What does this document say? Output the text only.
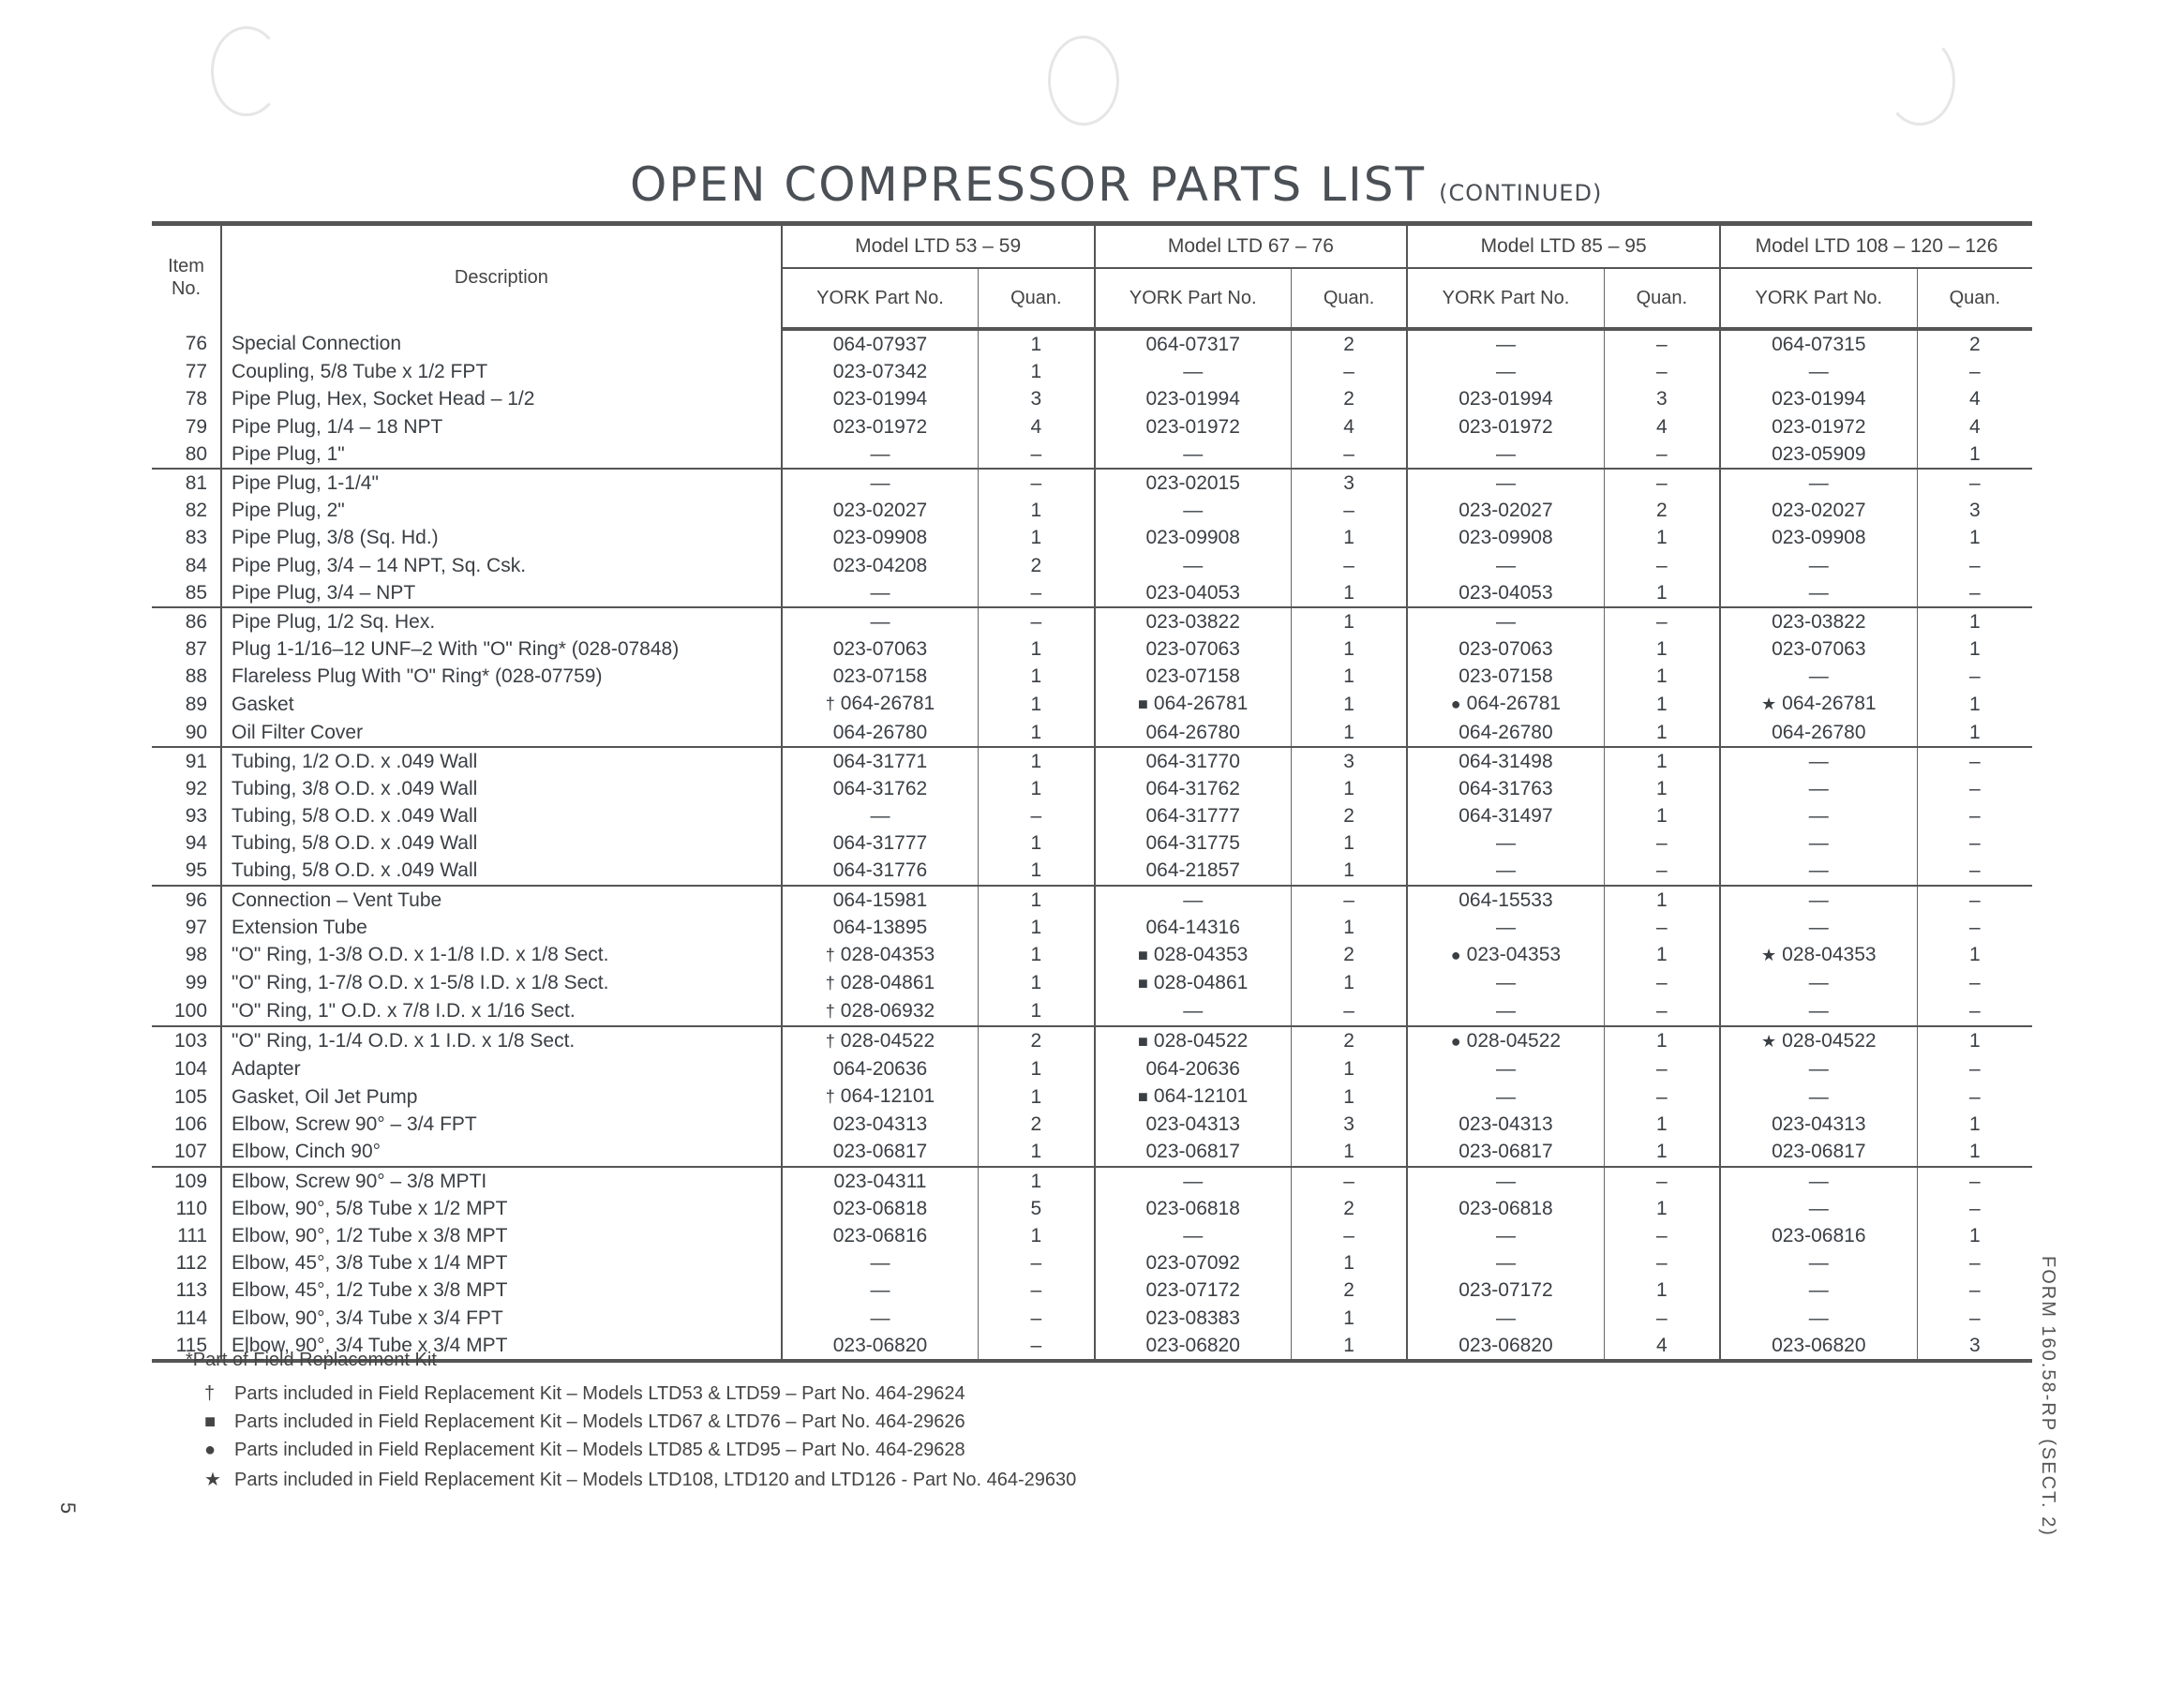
OPEN COMPRESSOR PARTS LIST (CONTINUED)
Item No.	Description	Model LTD 53 – 59		Model LTD 67 – 76		Model LTD 85 – 95		Model LTD 108 – 120 – 126	
		YORK Part No.	Quan.	YORK Part No.	Quan.	YORK Part No.	Quan.	YORK Part No.	Quan.
76	Special Connection	064-07937	1	064-07317	2	—	–	064-07315	2
77	Coupling, 5/8 Tube x 1/2 FPT	023-07342	1	—	–	—	–	—	–
78	Pipe Plug, Hex, Socket Head – 1/2	023-01994	3	023-01994	2	023-01994	3	023-01994	4
79	Pipe Plug, 1/4 – 18 NPT	023-01972	4	023-01972	4	023-01972	4	023-01972	4
80	Pipe Plug, 1"	—	–	—	–	—	–	023-05909	1
81	Pipe Plug, 1-1/4"	—	–	023-02015	3	—	–	—	–
82	Pipe Plug, 2"	023-02027	1	—	–	023-02027	2	023-02027	3
83	Pipe Plug, 3/8 (Sq. Hd.)	023-09908	1	023-09908	1	023-09908	1	023-09908	1
84	Pipe Plug, 3/4 – 14 NPT, Sq. Csk.	023-04208	2	—	–	—	–	—	–
85	Pipe Plug, 3/4 – NPT	—	–	023-04053	1	023-04053	1	—	–
86	Pipe Plug, 1/2 Sq. Hex.	—	–	023-03822	1	—	–	023-03822	1
87	Plug 1-1/16–12 UNF–2 With "O" Ring* (028-07848)	023-07063	1	023-07063	1	023-07063	1	023-07063	1
88	Flareless Plug With "O" Ring* (028-07759)	023-07158	1	023-07158	1	023-07158	1	—	–
89	Gasket	† 064-26781	1	■ 064-26781	1	● 064-26781	1	★ 064-26781	1
90	Oil Filter Cover	064-26780	1	064-26780	1	064-26780	1	064-26780	1
91	Tubing, 1/2 O.D. x .049 Wall	064-31771	1	064-31770	3	064-31498	1	—	–
92	Tubing, 3/8 O.D. x .049 Wall	064-31762	1	064-31762	1	064-31763	1	—	–
93	Tubing, 5/8 O.D. x .049 Wall	—	–	064-31777	2	064-31497	1	—	–
94	Tubing, 5/8 O.D. x .049 Wall	064-31777	1	064-31775	1	—	–	—	–
95	Tubing, 5/8 O.D. x .049 Wall	064-31776	1	064-21857	1	—	–	—	–
96	Connection – Vent Tube	064-15981	1	—	–	064-15533	1	—	–
97	Extension Tube	064-13895	1	064-14316	1	—	–	—	–
98	"O" Ring, 1-3/8 O.D. x 1-1/8 I.D. x 1/8 Sect.	† 028-04353	1	■ 028-04353	2	● 023-04353	1	★ 028-04353	1
99	"O" Ring, 1-7/8 O.D. x 1-5/8 I.D. x 1/8 Sect.	† 028-04861	1	■ 028-04861	1	—	–	—	–
100	"O" Ring, 1" O.D. x 7/8 I.D. x 1/16 Sect.	† 028-06932	1	—	–	—	–	—	–
103	"O" Ring, 1-1/4 O.D. x 1 I.D. x 1/8 Sect.	† 028-04522	2	■ 028-04522	2	● 028-04522	1	★ 028-04522	1
104	Adapter	064-20636	1	064-20636	1	—	–	—	–
105	Gasket, Oil Jet Pump	† 064-12101	1	■ 064-12101	1	—	–	—	–
106	Elbow, Screw 90° – 3/4 FPT	023-04313	2	023-04313	3	023-04313	1	023-04313	1
107	Elbow, Cinch 90°	023-06817	1	023-06817	1	023-06817	1	023-06817	1
109	Elbow, Screw 90° – 3/8 MPTI	023-04311	1	—	–	—	–	—	–
110	Elbow, 90°, 5/8 Tube x 1/2 MPT	023-06818	5	023-06818	2	023-06818	1	—	–
111	Elbow, 90°, 1/2 Tube x 3/8 MPT	023-06816	1	—	–	—	–	023-06816	1
112	Elbow, 45°, 3/8 Tube x 1/4 MPT	—	–	023-07092	1	—	–	—	–
113	Elbow, 45°, 1/2 Tube x 3/8 MPT	—	–	023-07172	2	023-07172	1	—	–
114	Elbow, 90°, 3/4 Tube x 3/4 FPT	—	–	023-08383	1	—	–	—	–
115	Elbow, 90°, 3/4 Tube x 3/4 MPT	023-06820	–	023-06820	1	023-06820	4	023-06820	3
*Part of Field Replacement Kit
† Parts included in Field Replacement Kit – Models LTD53 & LTD59 – Part No. 464-29624
■ Parts included in Field Replacement Kit – Models LTD67 & LTD76 – Part No. 464-29626
● Parts included in Field Replacement Kit – Models LTD85 & LTD95 – Part No. 464-29628
★ Parts included in Field Replacement Kit – Models LTD108, LTD120 and LTD126 - Part No. 464-29630	FORM 160.58-RP (SECT. 2)
5
